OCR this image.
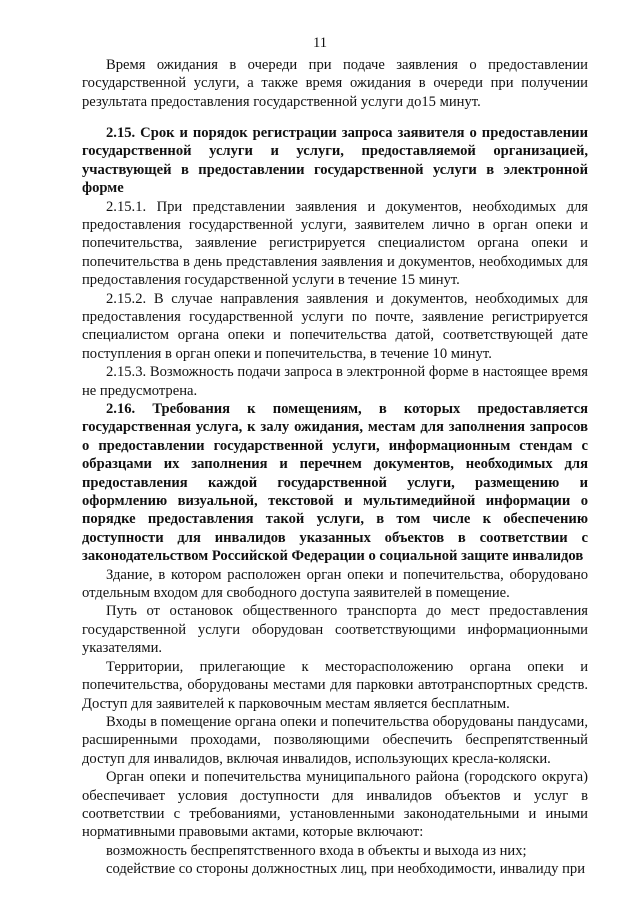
11

Время ожидания в очереди при подаче заявления о предоставлении государственной услуги, а также время ожидания в очереди при получении результата предоставления государственной услуги до15 минут.

2.15. Срок и порядок регистрации запроса заявителя о предоставлении государственной услуги и услуги, предоставляемой организацией, участвующей в предоставлении государственной услуги в электронной форме

2.15.1. При представлении заявления и документов, необходимых для предоставления государственной услуги, заявителем лично в орган опеки и попечительства, заявление регистрируется специалистом органа опеки и попечительства в день представления заявления и документов, необходимых для предоставления государственной услуги в течение 15 минут.

2.15.2. В случае направления заявления и документов, необходимых для предоставления государственной услуги по почте, заявление регистрируется специалистом органа опеки и попечительства датой, соответствующей дате поступления в орган опеки и попечительства, в течение 10 минут.

2.15.3. Возможность подачи запроса в электронной форме в настоящее время не предусмотрена.

2.16. Требования к помещениям, в которых предоставляется государственная услуга, к залу ожидания, местам для заполнения запросов о предоставлении государственной услуги, информационным стендам с образцами их заполнения и перечнем документов, необходимых для предоставления каждой государственной услуги, размещению и оформлению визуальной, текстовой и мультимедийной информации о порядке предоставления такой услуги, в том числе к обеспечению доступности для инвалидов указанных объектов в соответствии с законодательством Российской Федерации о социальной защите инвалидов

Здание, в котором расположен орган опеки и попечительства, оборудовано отдельным входом для свободного доступа заявителей в помещение.

Путь от остановок общественного транспорта до мест предоставления государственной услуги оборудован соответствующими информационными указателями.

Территории, прилегающие к месторасположению органа опеки и попечительства, оборудованы местами для парковки автотранспортных средств. Доступ для заявителей к парковочным местам является бесплатным.

Входы в помещение органа опеки и попечительства оборудованы пандусами, расширенными проходами, позволяющими обеспечить беспрепятственный доступ для инвалидов, включая инвалидов, использующих кресла-коляски.

Орган опеки и попечительства муниципального района (городского округа) обеспечивает условия доступности для инвалидов объектов и услуг в соответствии с требованиями, установленными законодательными и иными нормативными правовыми актами, которые включают:

возможность беспрепятственного входа в объекты и выхода из них;

содействие со стороны должностных лиц, при необходимости, инвалиду при
